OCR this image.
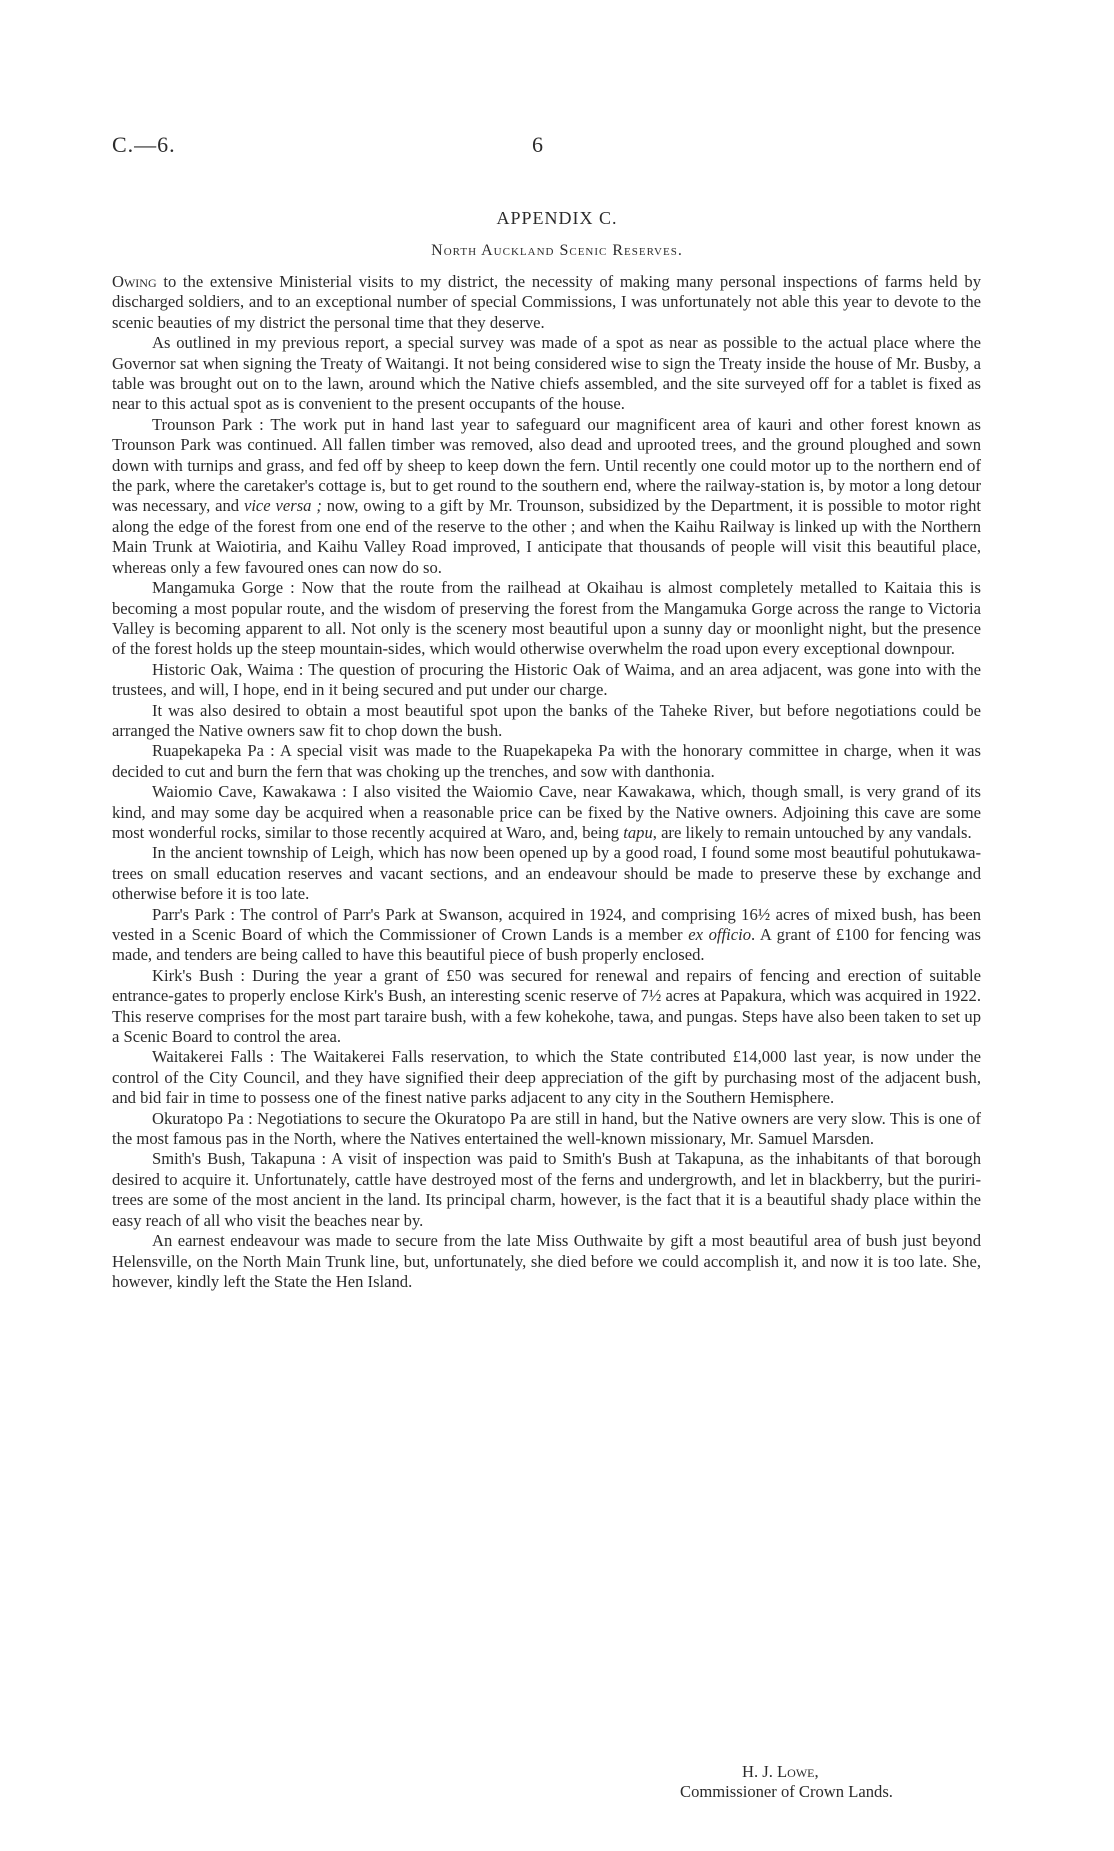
C.—6.	6
APPENDIX C.
North Auckland Scenic Reserves.

Owing to the extensive Ministerial visits to my district, the necessity of making many personal inspections of farms held by discharged soldiers, and to an exceptional number of special Commissions, I was unfortunately not able this year to devote to the scenic beauties of my district the personal time that they deserve.

As outlined in my previous report, a special survey was made of a spot as near as possible to the actual place where the Governor sat when signing the Treaty of Waitangi. It not being considered wise to sign the Treaty inside the house of Mr. Busby, a table was brought out on to the lawn, around which the Native chiefs assembled, and the site surveyed off for a tablet is fixed as near to this actual spot as is convenient to the present occupants of the house.

Trounson Park : The work put in hand last year to safeguard our magnificent area of kauri and other forest known as Trounson Park was continued. All fallen timber was removed, also dead and uprooted trees, and the ground ploughed and sown down with turnips and grass, and fed off by sheep to keep down the fern. Until recently one could motor up to the northern end of the park, where the caretaker's cottage is, but to get round to the southern end, where the railway-station is, by motor a long detour was necessary, and vice versa ; now, owing to a gift by Mr. Trounson, subsidized by the Department, it is possible to motor right along the edge of the forest from one end of the reserve to the other ; and when the Kaihu Railway is linked up with the Northern Main Trunk at Waiotiria, and Kaihu Valley Road improved, I anticipate that thousands of people will visit this beautiful place, whereas only a few favoured ones can now do so.

Mangamuka Gorge : Now that the route from the railhead at Okaihau is almost completely metalled to Kaitaia this is becoming a most popular route, and the wisdom of preserving the forest from the Mangamuka Gorge across the range to Victoria Valley is becoming apparent to all. Not only is the scenery most beautiful upon a sunny day or moonlight night, but the presence of the forest holds up the steep mountain-sides, which would otherwise overwhelm the road upon every exceptional downpour.

Historic Oak, Waima : The question of procuring the Historic Oak of Waima, and an area adjacent, was gone into with the trustees, and will, I hope, end in it being secured and put under our charge.

It was also desired to obtain a most beautiful spot upon the banks of the Taheke River, but before negotiations could be arranged the Native owners saw fit to chop down the bush.

Ruapekapeka Pa : A special visit was made to the Ruapekapeka Pa with the honorary committee in charge, when it was decided to cut and burn the fern that was choking up the trenches, and sow with danthonia.

Waiomio Cave, Kawakawa : I also visited the Waiomio Cave, near Kawakawa, which, though small, is very grand of its kind, and may some day be acquired when a reasonable price can be fixed by the Native owners. Adjoining this cave are some most wonderful rocks, similar to those recently acquired at Waro, and, being tapu, are likely to remain untouched by any vandals.

In the ancient township of Leigh, which has now been opened up by a good road, I found some most beautiful pohutukawa-trees on small education reserves and vacant sections, and an endeavour should be made to preserve these by exchange and otherwise before it is too late.

Parr's Park : The control of Parr's Park at Swanson, acquired in 1924, and comprising 16½ acres of mixed bush, has been vested in a Scenic Board of which the Commissioner of Crown Lands is a member ex officio. A grant of £100 for fencing was made, and tenders are being called to have this beautiful piece of bush properly enclosed.

Kirk's Bush : During the year a grant of £50 was secured for renewal and repairs of fencing and erection of suitable entrance-gates to properly enclose Kirk's Bush, an interesting scenic reserve of 7½ acres at Papakura, which was acquired in 1922. This reserve comprises for the most part taraire bush, with a few kohekohe, tawa, and pungas. Steps have also been taken to set up a Scenic Board to control the area.

Waitakerei Falls : The Waitakerei Falls reservation, to which the State contributed £14,000 last year, is now under the control of the City Council, and they have signified their deep appreciation of the gift by purchasing most of the adjacent bush, and bid fair in time to possess one of the finest native parks adjacent to any city in the Southern Hemisphere.

Okuratopo Pa : Negotiations to secure the Okuratopo Pa are still in hand, but the Native owners are very slow. This is one of the most famous pas in the North, where the Natives entertained the well-known missionary, Mr. Samuel Marsden.

Smith's Bush, Takapuna : A visit of inspection was paid to Smith's Bush at Takapuna, as the inhabitants of that borough desired to acquire it. Unfortunately, cattle have destroyed most of the ferns and undergrowth, and let in blackberry, but the puriri-trees are some of the most ancient in the land. Its principal charm, however, is the fact that it is a beautiful shady place within the easy reach of all who visit the beaches near by.

An earnest endeavour was made to secure from the late Miss Outhwaite by gift a most beautiful area of bush just beyond Helensville, on the North Main Trunk line, but, unfortunately, she died before we could accomplish it, and now it is too late. She, however, kindly left the State the Hen Island.

H. J. Lowe,
Commissioner of Crown Lands.
